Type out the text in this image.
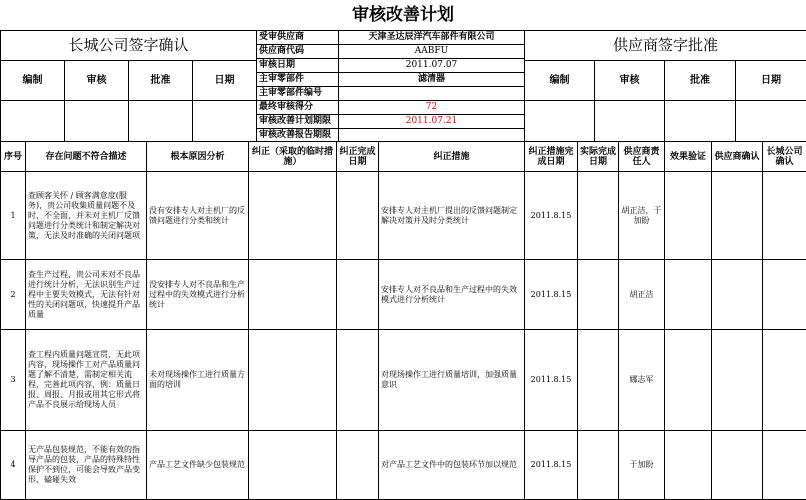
审核改善计划
长城公司签字确认			
编制	审核	批准	日期

受审供应商	天津圣达辰洋汽车部件有限公司
供应商代码	AABFU
审核日期	2011.07.07
主审零部件	滤清器
主审零部件编号	
最终审核得分	72
审核改善计划期限	2011.07.21
审核改善报告期限	
供应商签字批准			
编制	审核	批准	日期

序号	存在问题不符合描述	根本原因分析	纠正（采取的临时措施）	纠正完成日期	纠正措施	纠正措施完成日期	实际完成日期	供应商责任人	效果验证	供应商确认	长城公司确认
1	查顾客关怀 / 顾客满意度(服务)，贵公司收集质量问题不及时，不全面，并未对主机厂反馈问题进行分类统计和制定解决对策，无法及时准确的关闭问题项	没有安排专人对主机厂的反馈问题进行分类和统计			安排专人对主机厂提出的反馈问题制定解决对策并及时分类统计	2011.8.15		胡正洁，于加盼			
2	查生产过程，贵公司未对不良品进行统计分析，无法识别生产过程中主要失效模式，无法有针对性的关闭问题项，快速提升产品质量	没安排专人对不良品和生产过程中的失效模式进行分析统计			安排专人对不良品和生产过程中的失效模式进行分析统计	2011.8.15		胡正洁			
3	查工程内质量问题宣贯，无此项内容，现场操作工对产品质量问题了解不清楚，需制定相关流程，完善此项内容，例：质量日报、周报、月报或用其它形式将产品不良展示给现场人员	未对现场操作工进行质量方面的培训			对现场操作工进行质量培训，加强质量意识	2011.8.15		娜志军			
4	无产品包装规范，不能有效的指导产品的包装，产品的特殊特性保护不到位，可能会导致产品变形、磕碰失效	产品工艺文件缺少包装规范			对产品工艺文件中的包装环节加以规范	2011.8.15		于加盼			
